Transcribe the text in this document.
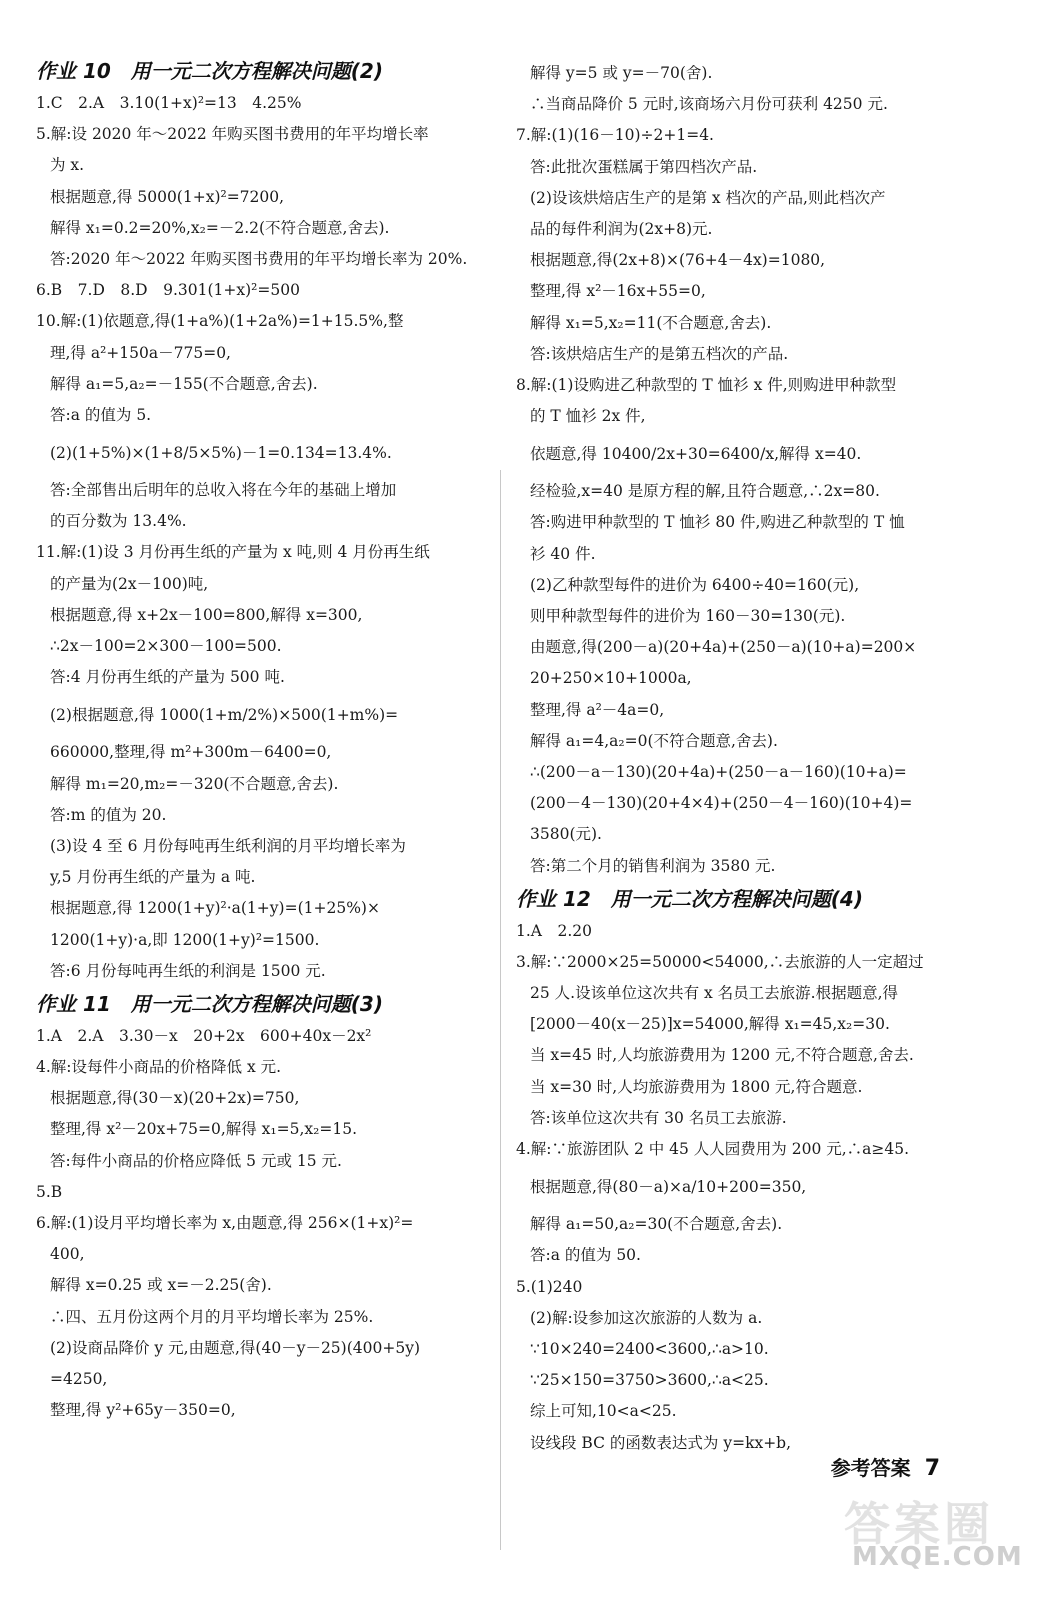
作业 10　用一元二次方程解决问题(2)
1.C　2.A　3.10(1+x)²=13　4.25%
5.解:设 2020 年～2022 年购买图书费用的年平均增长率
为 x.
根据题意,得 5000(1+x)²=7200,
解得 x₁=0.2=20%,x₂=－2.2(不符合题意,舍去).
答:2020 年～2022 年购买图书费用的年平均增长率为 20%.
6.B　7.D　8.D　9.301(1+x)²=500
10.解:(1)依题意,得(1+a%)(1+2a%)=1+15.5%,整
理,得 a²+150a－775=0,
解得 a₁=5,a₂=－155(不合题意,舍去).
答:a 的值为 5.
(2)(1+5%)×(1+8/5×5%)－1=0.134=13.4%.
答:全部售出后明年的总收入将在今年的基础上增加
的百分数为 13.4%.
11.解:(1)设 3 月份再生纸的产量为 x 吨,则 4 月份再生纸
的产量为(2x－100)吨,
根据题意,得 x+2x－100=800,解得 x=300,
∴2x－100=2×300－100=500.
答:4 月份再生纸的产量为 500 吨.
(2)根据题意,得 1000(1+m/2%)×500(1+m%)=
660000,整理,得 m²+300m－6400=0,
解得 m₁=20,m₂=－320(不合题意,舍去).
答:m 的值为 20.
(3)设 4 至 6 月份每吨再生纸利润的月平均增长率为
y,5 月份再生纸的产量为 a 吨.
根据题意,得 1200(1+y)²·a(1+y)=(1+25%)×
1200(1+y)·a,即 1200(1+y)²=1500.
答:6 月份每吨再生纸的利润是 1500 元.
作业 11　用一元二次方程解决问题(3)
1.A　2.A　3.30－x　20+2x　600+40x－2x²
4.解:设每件小商品的价格降低 x 元.
根据题意,得(30－x)(20+2x)=750,
整理,得 x²－20x+75=0,解得 x₁=5,x₂=15.
答:每件小商品的价格应降低 5 元或 15 元.
5.B
6.解:(1)设月平均增长率为 x,由题意,得 256×(1+x)²=
400,
解得 x=0.25 或 x=－2.25(舍).
∴四、五月份这两个月的月平均增长率为 25%.
(2)设商品降价 y 元,由题意,得(40－y－25)(400+5y)
=4250,
整理,得 y²+65y－350=0,
解得 y=5 或 y=－70(舍).
∴当商品降价 5 元时,该商场六月份可获利 4250 元.
7.解:(1)(16－10)÷2+1=4.
答:此批次蛋糕属于第四档次产品.
(2)设该烘焙店生产的是第 x 档次的产品,则此档次产
品的每件利润为(2x+8)元.
根据题意,得(2x+8)×(76+4－4x)=1080,
整理,得 x²－16x+55=0,
解得 x₁=5,x₂=11(不合题意,舍去).
答:该烘焙店生产的是第五档次的产品.
8.解:(1)设购进乙种款型的 T 恤衫 x 件,则购进甲种款型
的 T 恤衫 2x 件,
依题意,得 10400/2x+30=6400/x,解得 x=40.
经检验,x=40 是原方程的解,且符合题意,∴2x=80.
答:购进甲种款型的 T 恤衫 80 件,购进乙种款型的 T 恤
衫 40 件.
(2)乙种款型每件的进价为 6400÷40=160(元),
则甲种款型每件的进价为 160－30=130(元).
由题意,得(200－a)(20+4a)+(250－a)(10+a)=200×
20+250×10+1000a,
整理,得 a²－4a=0,
解得 a₁=4,a₂=0(不符合题意,舍去).
∴(200－a－130)(20+4a)+(250－a－160)(10+a)=
(200－4－130)(20+4×4)+(250－4－160)(10+4)=
3580(元).
答:第二个月的销售利润为 3580 元.
作业 12　用一元二次方程解决问题(4)
1.A　2.20
3.解:∵2000×25=50000<54000,∴去旅游的人一定超过
25 人.设该单位这次共有 x 名员工去旅游.根据题意,得
[2000－40(x－25)]x=54000,解得 x₁=45,x₂=30.
当 x=45 时,人均旅游费用为 1200 元,不符合题意,舍去.
当 x=30 时,人均旅游费用为 1800 元,符合题意.
答:该单位这次共有 30 名员工去旅游.
4.解:∵旅游团队 2 中 45 人人园费用为 200 元,∴a≥45.
根据题意,得(80－a)×a/10+200=350,
解得 a₁=50,a₂=30(不合题意,舍去).
答:a 的值为 50.
5.(1)240
(2)解:设参加这次旅游的人数为 a.
∵10×240=2400<3600,∴a>10.
∵25×150=3750>3600,∴a<25.
综上可知,10<a<25.
设线段 BC 的函数表达式为 y=kx+b,
参考答案 7
答案圈
MXQE.COM
